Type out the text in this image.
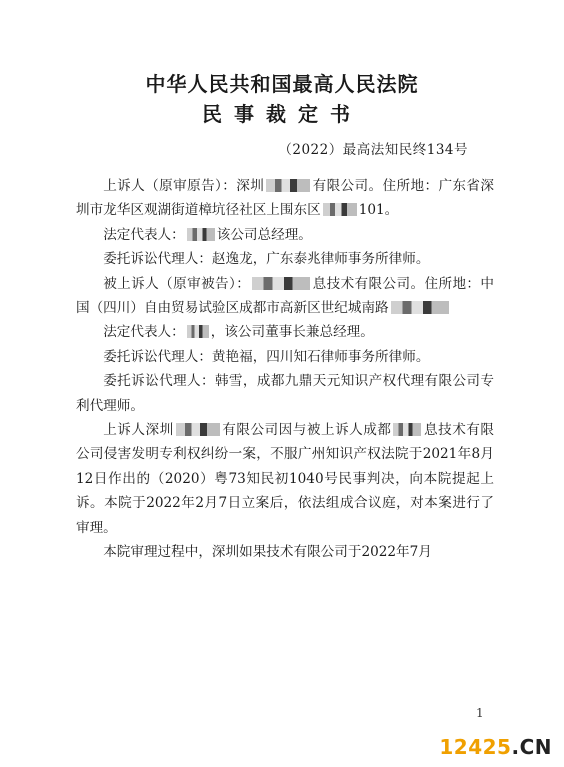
中华人民共和国最高人民法院
民事裁定书
（2022）最高法知民终134号

上诉人（原审原告）：深圳	有限公司。住所地：广东省深圳市龙华区观湖街道樟坑径社区上围东区	101。

法定代表人： 该公司总经理。

委托诉讼代理人：赵逸龙，广东泰兆律师事务所律师。

被上诉人（原审被告）：	息技术有限公司。住所地：中国（四川）自由贸易试验区成都市高新区世纪城南路

法定代表人： ，该公司董事长兼总经理。

委托诉讼代理人：黄艳福，四川知石律师事务所律师。

委托诉讼代理人：韩雪，成都九鼎天元知识产权代理有限公司专利代理师。

上诉人深圳	有限公司因与被上诉人成都 息技术有限公司侵害发明专利权纠纷一案，不服广州知识产权法院于2021年8月12日作出的（2020）粤73知民初1040号民事判决，向本院提起上诉。本院于2022年2月7日立案后，依法组成合议庭，对本案进行了审理。

本院审理过程中，深圳如果技术有限公司于2022年7月

1
12425.CN
